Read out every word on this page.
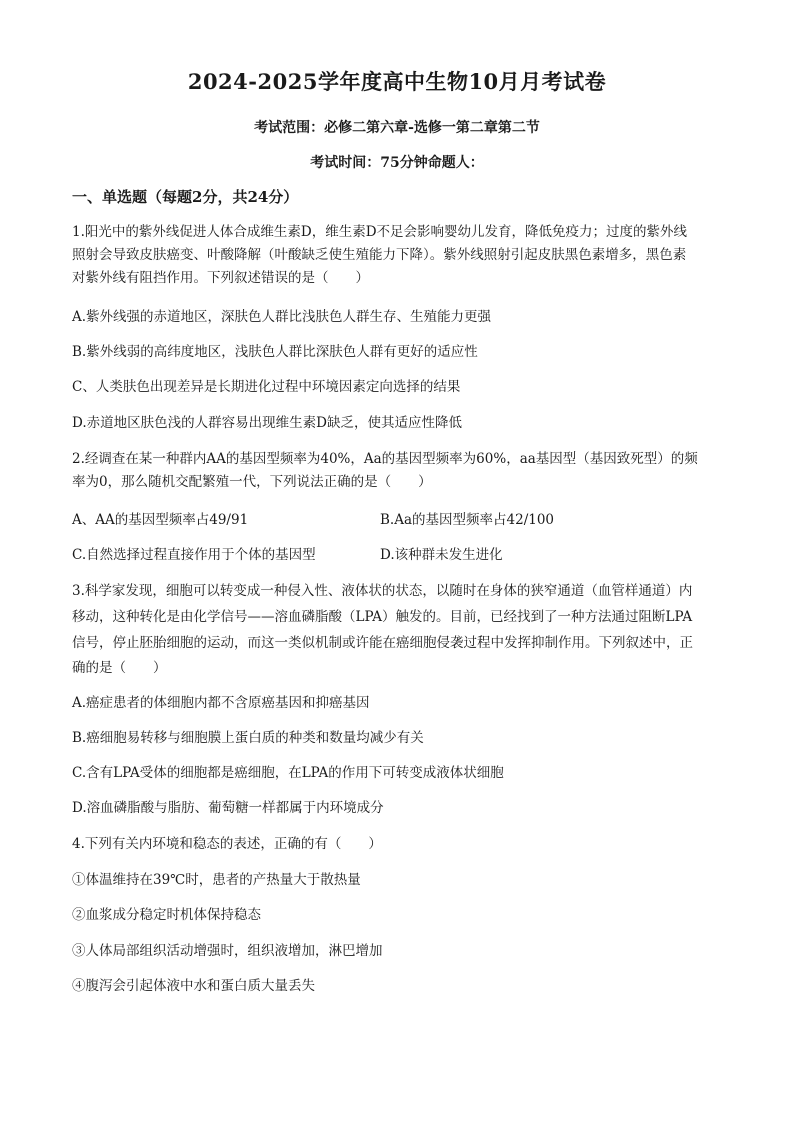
2024-2025学年度高中生物10月月考试卷
考试范围：必修二第六章-选修一第二章第二节
考试时间：75分钟命题人：
一、单选题（每题2分，共24分）
1.阳光中的紫外线促进人体合成维生素D，维生素D不足会影响婴幼儿发育，降低免疫力；过度的紫外线
照射会导致皮肤癌变、叶酸降解（叶酸缺乏使生殖能力下降）。紫外线照射引起皮肤黑色素增多，黑色素
对紫外线有阻挡作用。下列叙述错误的是（　　）
A.紫外线强的赤道地区，深肤色人群比浅肤色人群生存、生殖能力更强
B.紫外线弱的高纬度地区，浅肤色人群比深肤色人群有更好的适应性
C、人类肤色出现差异是长期进化过程中环境因素定向选择的结果
D.赤道地区肤色浅的人群容易出现维生素D缺乏，使其适应性降低
2.经调查在某一种群内AA的基因型频率为40%，Aa的基因型频率为60%，aa基因型（基因致死型）的频
率为0，那么随机交配繁殖一代，下列说法正确的是（　　）
A、AA的基因型频率占49/91	B.Aa的基因型频率占42/100
C.自然选择过程直接作用于个体的基因型	D.该种群未发生进化
3.科学家发现，细胞可以转变成一种侵入性、液体状的状态，以随时在身体的狭窄通道（血管样通道）内
移动，这种转化是由化学信号——溶血磷脂酸（LPA）触发的。目前，已经找到了一种方法通过阻断LPA
信号，停止胚胎细胞的运动，而这一类似机制或许能在癌细胞侵袭过程中发挥抑制作用。下列叙述中，正
确的是（　　）
A.癌症患者的体细胞内都不含原癌基因和抑癌基因
B.癌细胞易转移与细胞膜上蛋白质的种类和数量均减少有关
C.含有LPA受体的细胞都是癌细胞，在LPA的作用下可转变成液体状细胞
D.溶血磷脂酸与脂肪、葡萄糖一样都属于内环境成分
4.下列有关内环境和稳态的表述，正确的有（　　）
①体温维持在39℃时，患者的产热量大于散热量
②血浆成分稳定时机体保持稳态
③人体局部组织活动增强时，组织液增加，淋巴增加
④腹泻会引起体液中水和蛋白质大量丢失
